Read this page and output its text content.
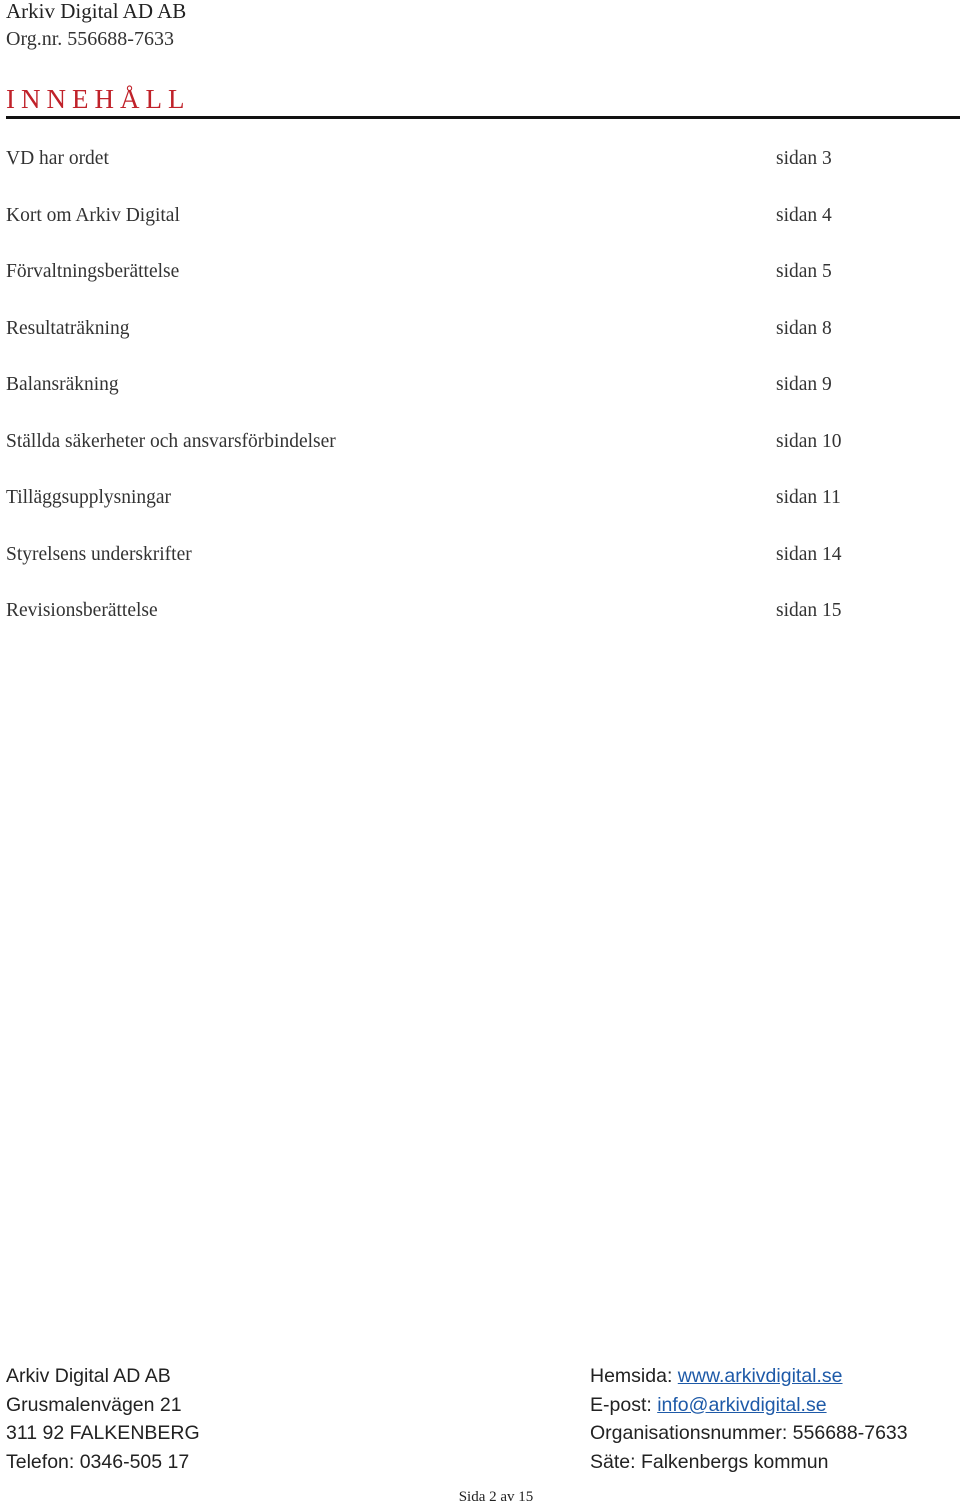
Arkiv Digital AD AB
Org.nr. 556688-7633
INNEHÅLL
VD har ordet	sidan 3
Kort om Arkiv Digital	sidan 4
Förvaltningsberättelse	sidan 5
Resultaträkning	sidan 8
Balansräkning	sidan 9
Ställda säkerheter och ansvarsförbindelser	sidan 10
Tilläggsupplysningar	sidan 11
Styrelsens underskrifter	sidan 14
Revisionsberättelse	sidan 15
Arkiv Digital AD AB
Grusmalenvägen 21
311 92 FALKENBERG
Telefon: 0346-505 17
Hemsida: www.arkivdigital.se
E-post: info@arkivdigital.se
Organisationsnummer: 556688-7633
Säte: Falkenbergs kommun
Sida 2 av 15
